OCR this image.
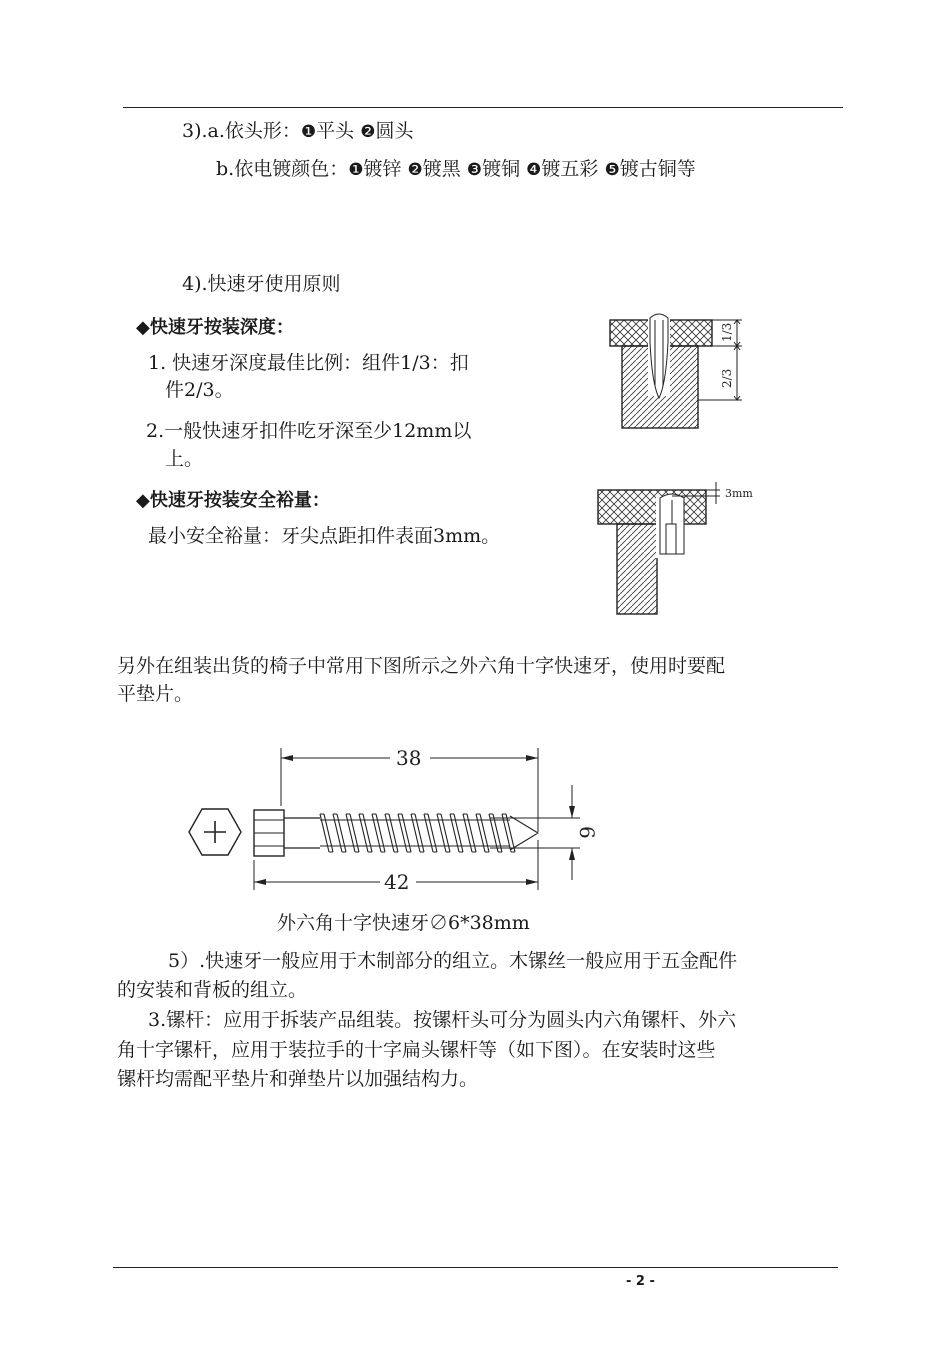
3).a.依头形：❶平头 ❷圆头
b.依电镀颜色：❶镀锌 ❷镀黑 ❸镀铜 ❹镀五彩 ❺镀古铜等
4).快速牙使用原则
◆快速牙按装深度：
1. 快速牙深度最佳比例：组件1/3：扣
件2/3。
2.一般快速牙扣件吃牙深至少12mm以
上。
◆快速牙按装安全裕量：
最小安全裕量：牙尖点距扣件表面3mm。
1/3
2/3
3mm
另外在组装出货的椅子中常用下图所示之外六角十字快速牙，使用时要配
平垫片。
38
42
6
外六角十字快速牙∅6*38mm
5）.快速牙一般应用于木制部分的组立。木镙丝一般应用于五金配件
的安装和背板的组立。
3.镙杆：应用于拆装产品组装。按镙杆头可分为圆头内六角镙杆、外六
角十字镙杆，应用于装拉手的十字扁头镙杆等（如下图）。在安装时这些
镙杆均需配平垫片和弹垫片以加强结构力。
- 2 -
